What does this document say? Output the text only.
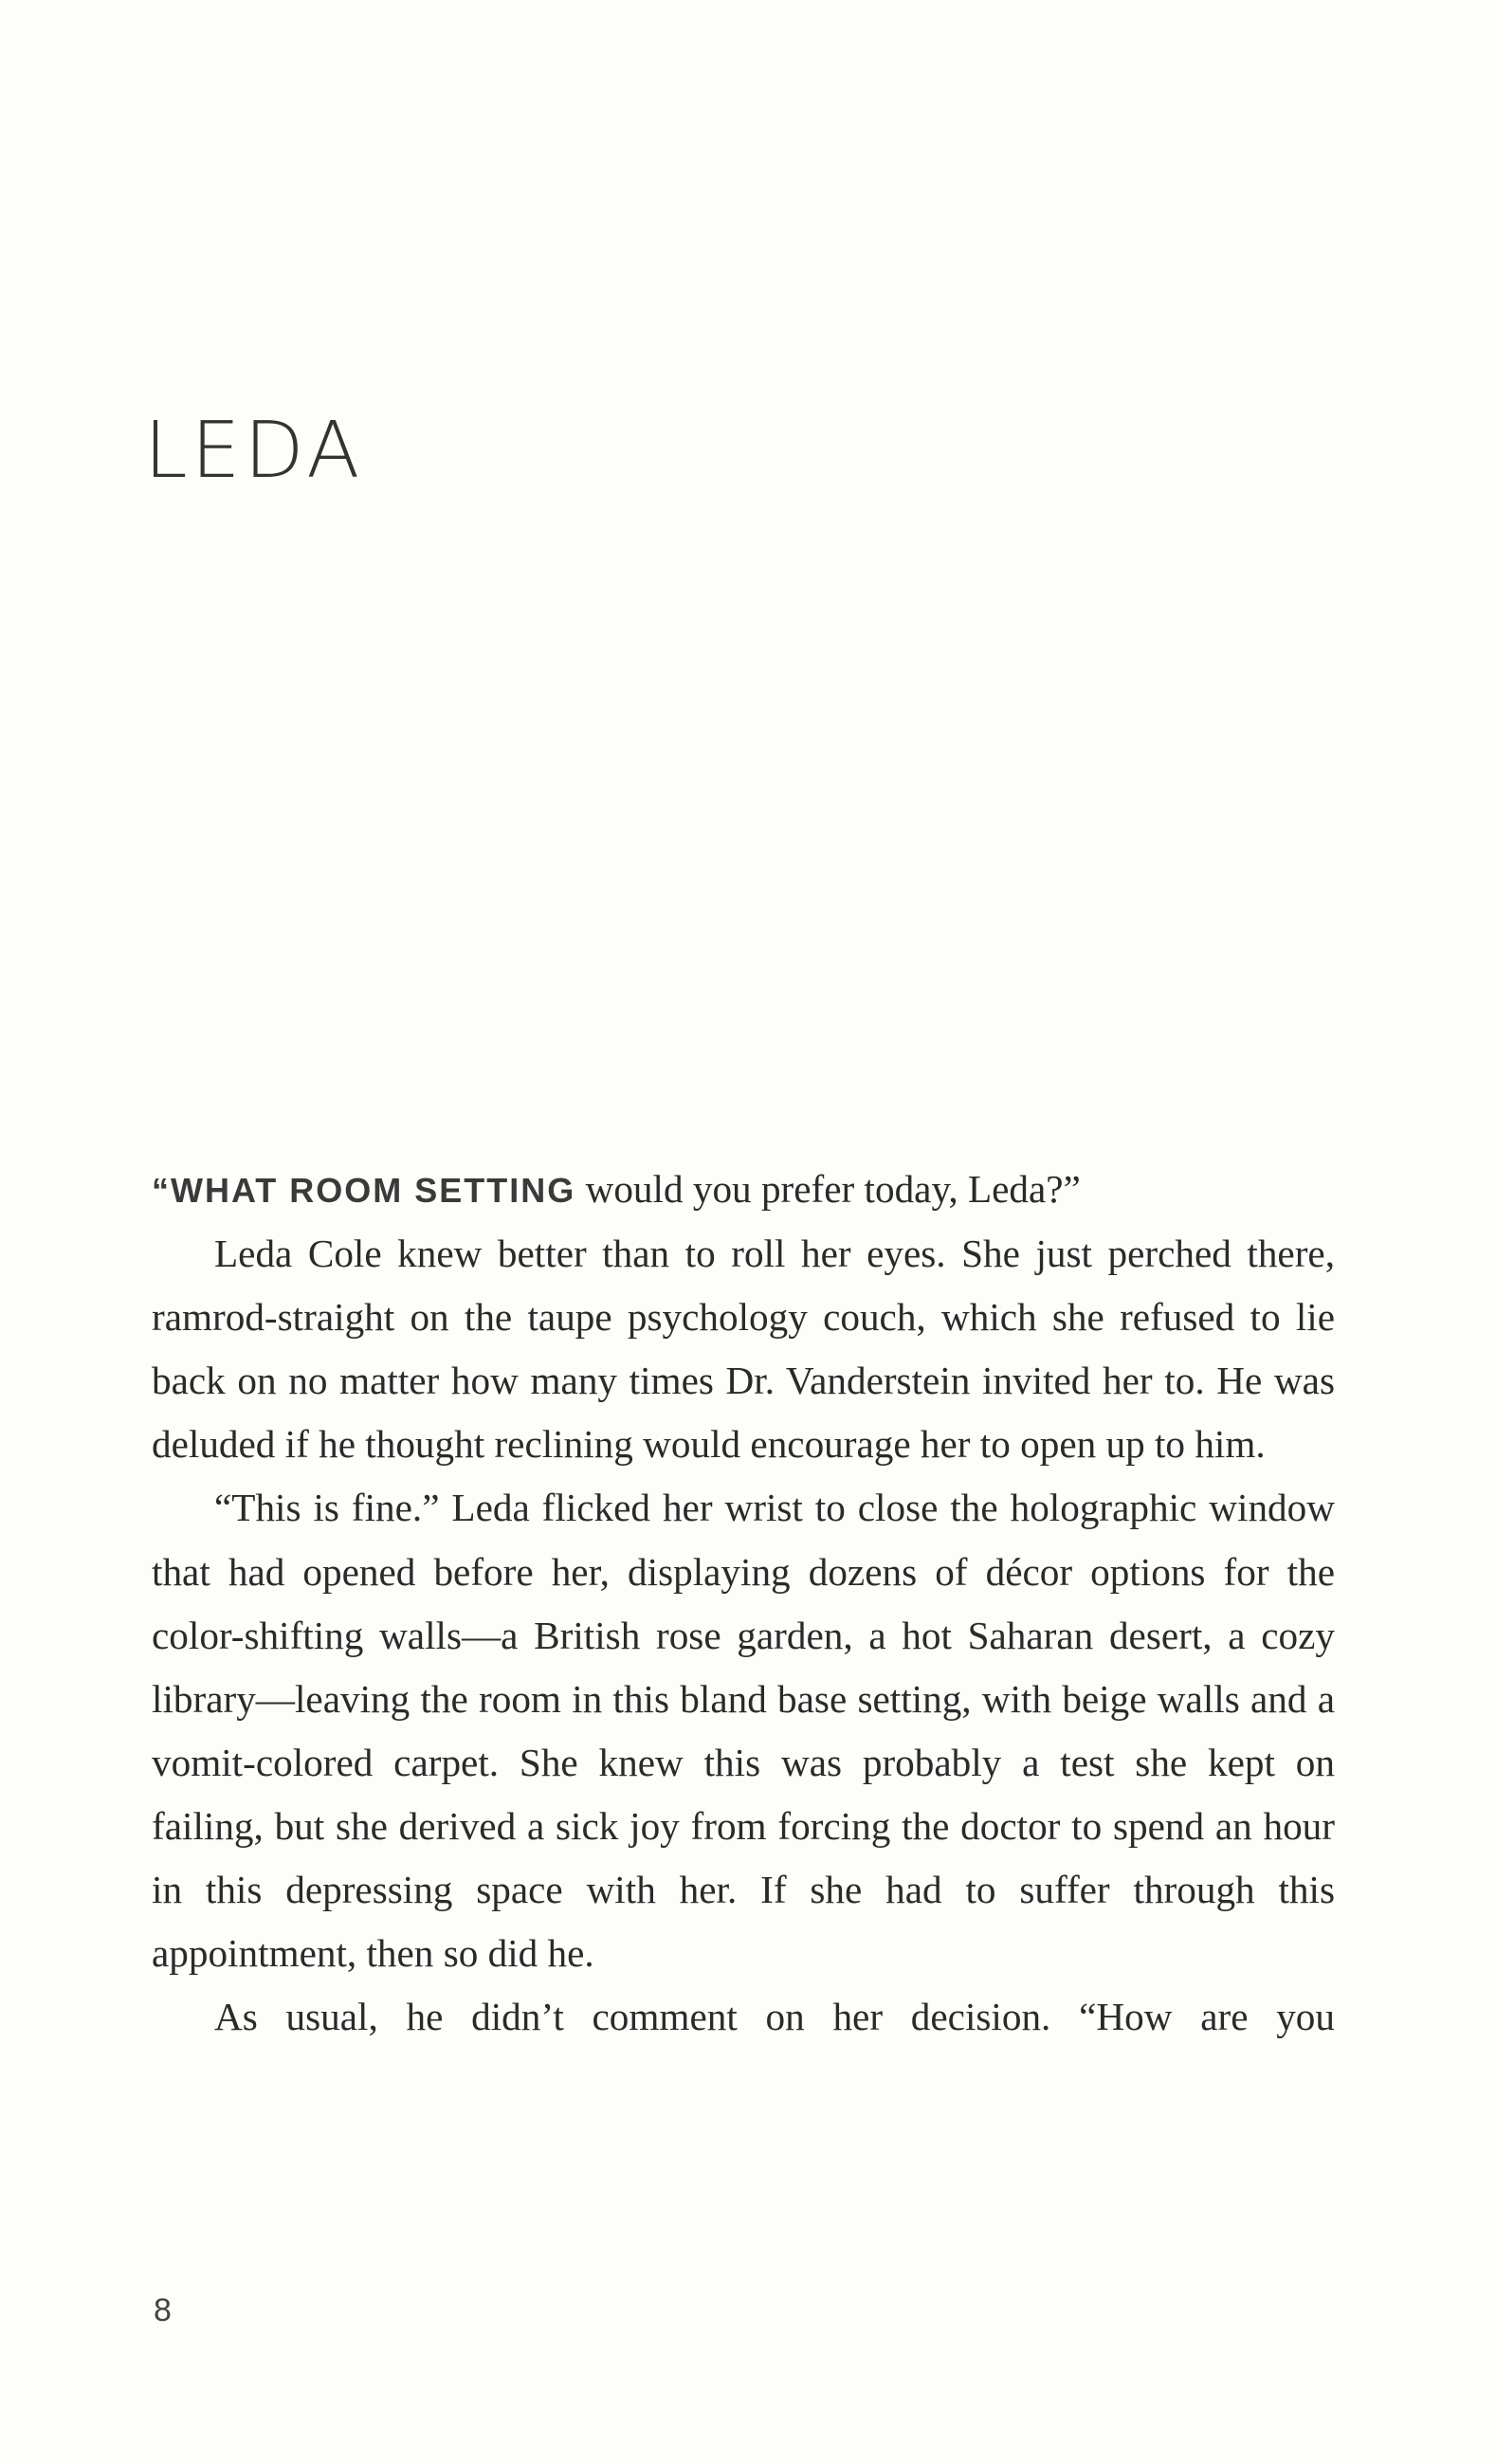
LEDA

“WHAT ROOM SETTING would you prefer today, Leda?”

Leda Cole knew better than to roll her eyes. She just perched there, ramrod-straight on the taupe psychology couch, which she refused to lie back on no matter how many times Dr. Vanderstein invited her to. He was deluded if he thought reclining would encourage her to open up to him.

“This is fine.” Leda flicked her wrist to close the holographic window that had opened before her, displaying dozens of décor options for the color-shifting walls—a British rose garden, a hot Saharan desert, a cozy library—leaving the room in this bland base setting, with beige walls and a vomit-colored carpet. She knew this was probably a test she kept on failing, but she derived a sick joy from forcing the doctor to spend an hour in this depressing space with her. If she had to suffer through this appointment, then so did he.

As usual, he didn’t comment on her decision. “How are you

8
